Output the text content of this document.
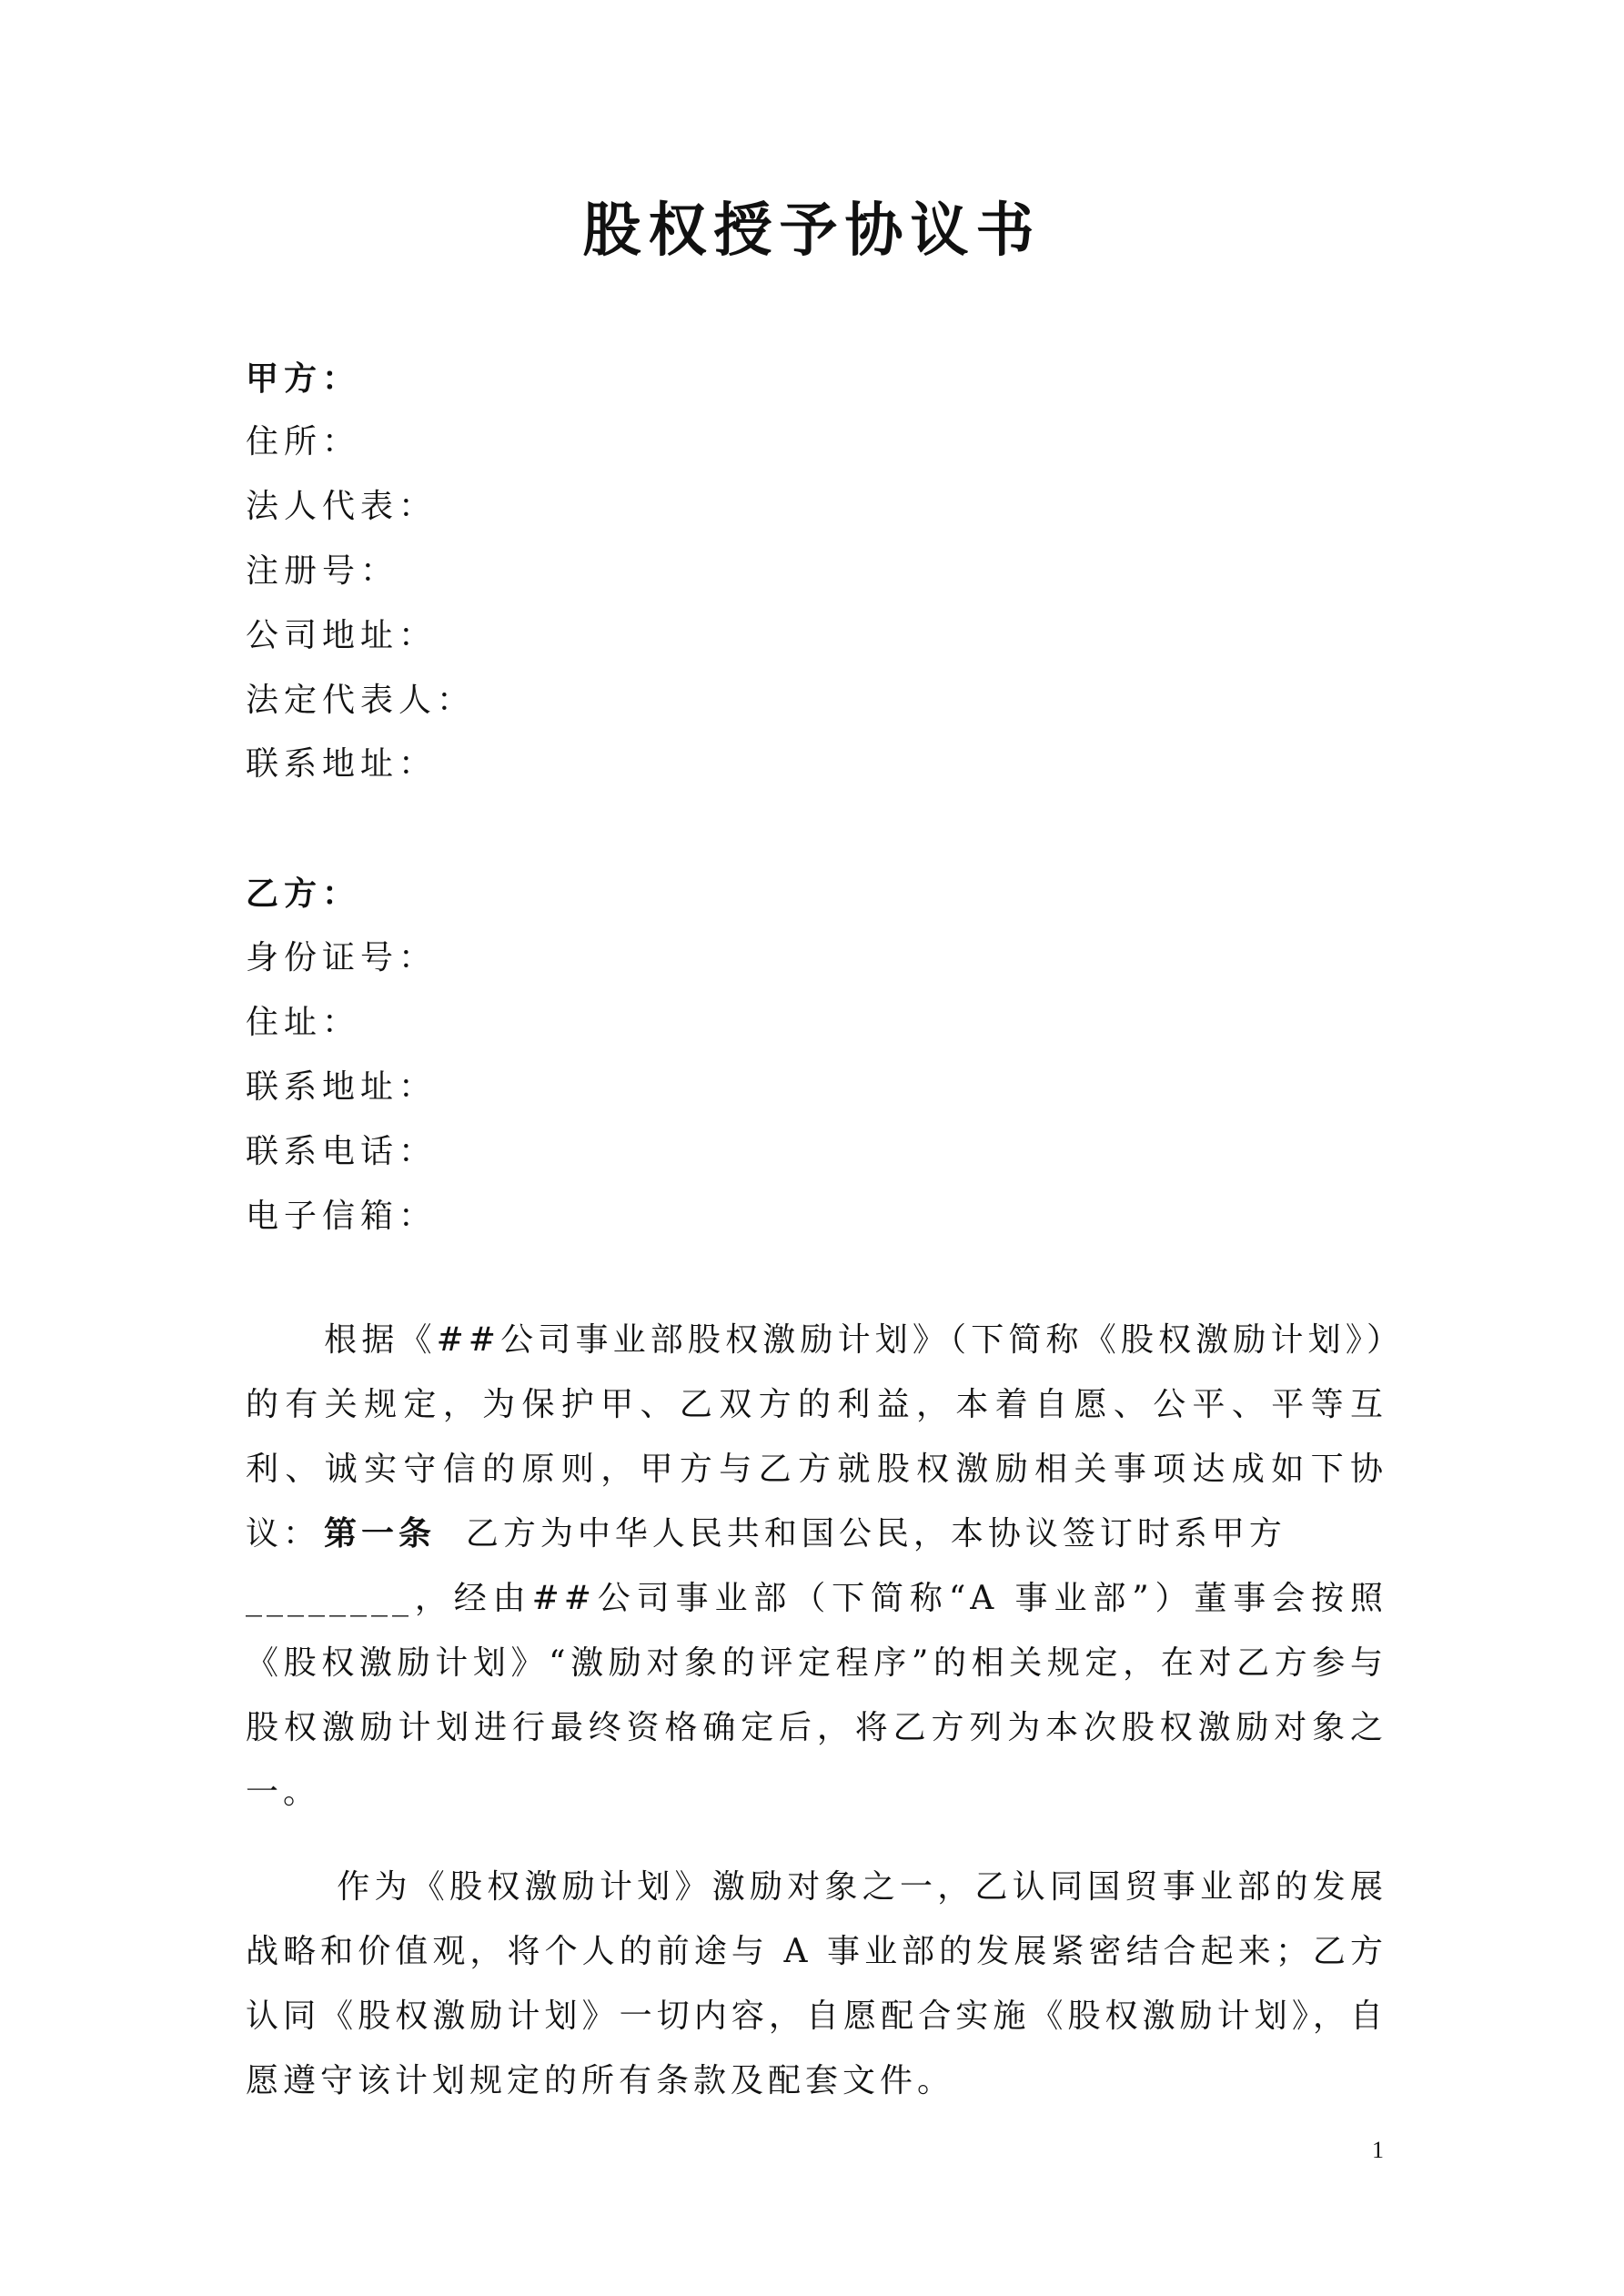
股权授予协议书
甲方：
住所：
法人代表：
注册号：
公司地址：
法定代表人：
联系地址：
乙方：
身份证号：
住址：
联系地址：
联系电话：
电子信箱：

根据《##公司事业部股权激励计划》（下简称《股权激励计划》）的有关规定，为保护甲、乙双方的利益，本着自愿、公平、平等互利、诚实守信的原则，甲方与乙方就股权激励相关事项达成如下协议： 第一条 乙方为中华人民共和国公民，本协议签订时系甲方
________，经由##公司事业部（下简称“A 事业部”）董事会按照《股权激励计划》“激励对象的评定程序”的相关规定，在对乙方参与股权激励计划进行最终资格确定后，将乙方列为本次股权激励对象之一。

作为《股权激励计划》激励对象之一，乙认同国贸事业部的发展战略和价值观，将个人的前途与 A 事业部的发展紧密结合起来；乙方认同《股权激励计划》一切内容，自愿配合实施《股权激励计划》，自愿遵守该计划规定的所有条款及配套文件。

1
